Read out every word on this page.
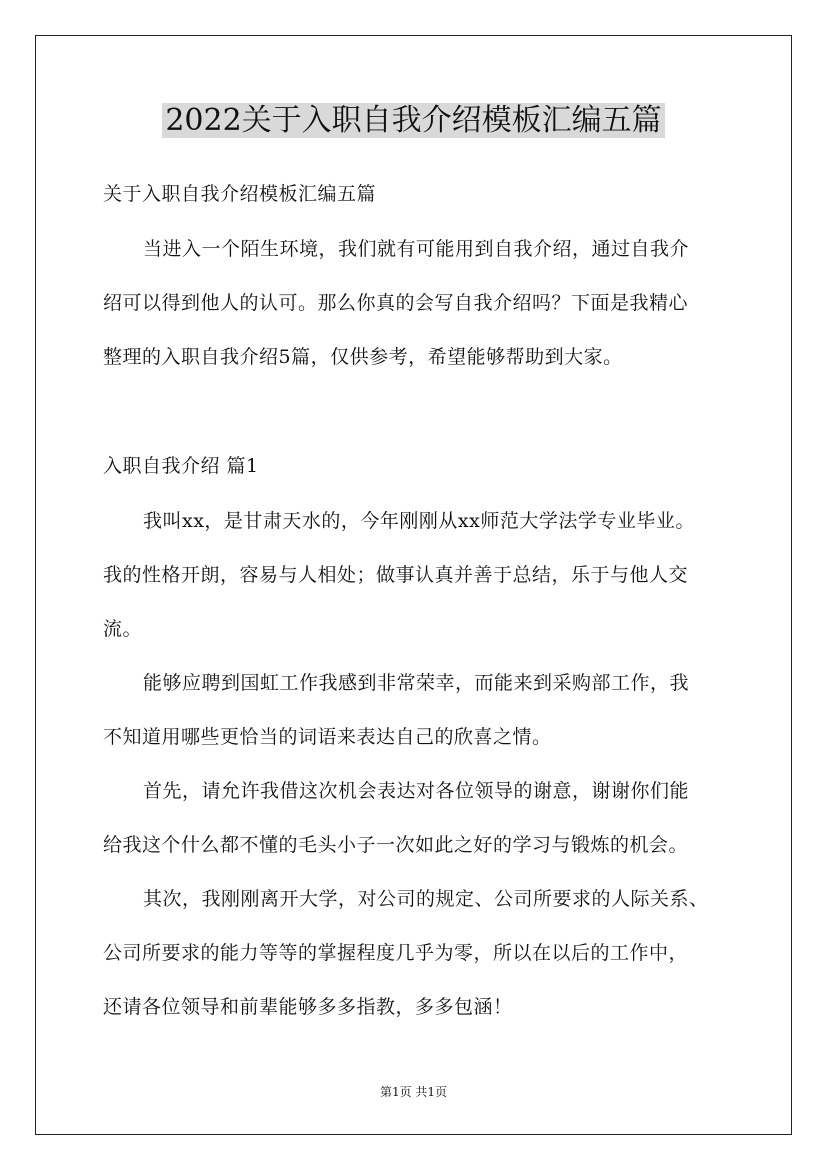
2022关于入职自我介绍模板汇编五篇
关于入职自我介绍模板汇编五篇
当进入一个陌生环境，我们就有可能用到自我介绍，通过自我介
绍可以得到他人的认可。那么你真的会写自我介绍吗？下面是我精心
整理的入职自我介绍5篇，仅供参考，希望能够帮助到大家。
入职自我介绍 篇1
我叫xx，是甘肃天水的，今年刚刚从xx师范大学法学专业毕业。
我的性格开朗，容易与人相处；做事认真并善于总结，乐于与他人交
流。
能够应聘到国虹工作我感到非常荣幸，而能来到采购部工作，我
不知道用哪些更恰当的词语来表达自己的欣喜之情。
首先，请允许我借这次机会表达对各位领导的谢意，谢谢你们能
给我这个什么都不懂的毛头小子一次如此之好的学习与锻炼的机会。
其次，我刚刚离开大学，对公司的规定、公司所要求的人际关系、
公司所要求的能力等等的掌握程度几乎为零，所以在以后的工作中，
还请各位领导和前辈能够多多指教，多多包涵！
第1页 共1页
